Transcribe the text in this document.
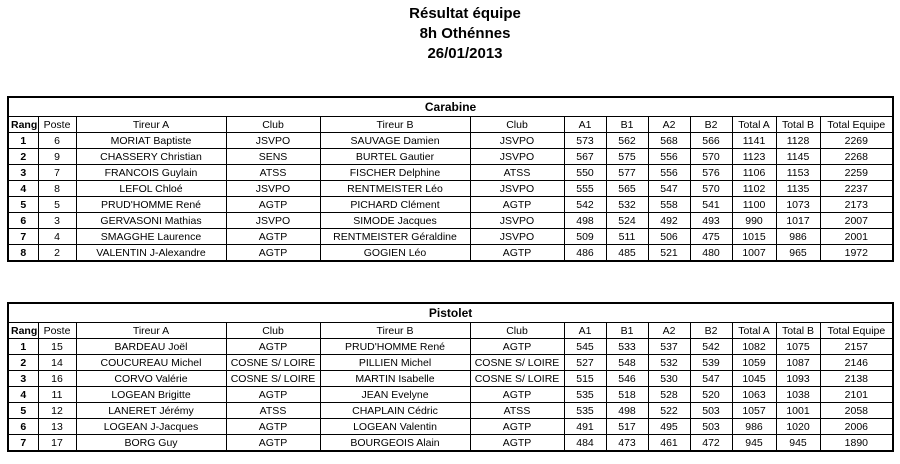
Résultat équipe
8h Othénnes
26/01/2013
Carabine												
Rang	Poste	Tireur A	Club	Tireur B	Club	A1	B1	A2	B2	Total A	Total B	Total Equipe
1	6	MORIAT Baptiste	JSVPO	SAUVAGE Damien	JSVPO	573	562	568	566	1141	1128	2269
2	9	CHASSERY Christian	SENS	BURTEL Gautier	JSVPO	567	575	556	570	1123	1145	2268
3	7	FRANCOIS Guylain	ATSS	FISCHER Delphine	ATSS	550	577	556	576	1106	1153	2259
4	8	LEFOL Chloé	JSVPO	RENTMEISTER Léo	JSVPO	555	565	547	570	1102	1135	2237
5	5	PRUD'HOMME René	AGTP	PICHARD Clément	AGTP	542	532	558	541	1100	1073	2173
6	3	GERVASONI Mathias	JSVPO	SIMODE Jacques	JSVPO	498	524	492	493	990	1017	2007
7	4	SMAGGHE Laurence	AGTP	RENTMEISTER Géraldine	JSVPO	509	511	506	475	1015	986	2001
8	2	VALENTIN J-Alexandre	AGTP	GOGIEN Léo	AGTP	486	485	521	480	1007	965	1972
Pistolet												
Rang	Poste	Tireur A	Club	Tireur B	Club	A1	B1	A2	B2	Total A	Total B	Total Equipe
1	15	BARDEAU Joël	AGTP	PRUD'HOMME René	AGTP	545	533	537	542	1082	1075	2157
2	14	COUCUREAU Michel	COSNE S/ LOIRE	PILLIEN Michel	COSNE S/ LOIRE	527	548	532	539	1059	1087	2146
3	16	CORVO Valérie	COSNE S/ LOIRE	MARTIN Isabelle	COSNE S/ LOIRE	515	546	530	547	1045	1093	2138
4	11	LOGEAN Brigitte	AGTP	JEAN Evelyne	AGTP	535	518	528	520	1063	1038	2101
5	12	LANERET Jérémy	ATSS	CHAPLAIN Cédric	ATSS	535	498	522	503	1057	1001	2058
6	13	LOGEAN J-Jacques	AGTP	LOGEAN Valentin	AGTP	491	517	495	503	986	1020	2006
7	17	BORG Guy	AGTP	BOURGEOIS Alain	AGTP	484	473	461	472	945	945	1890
